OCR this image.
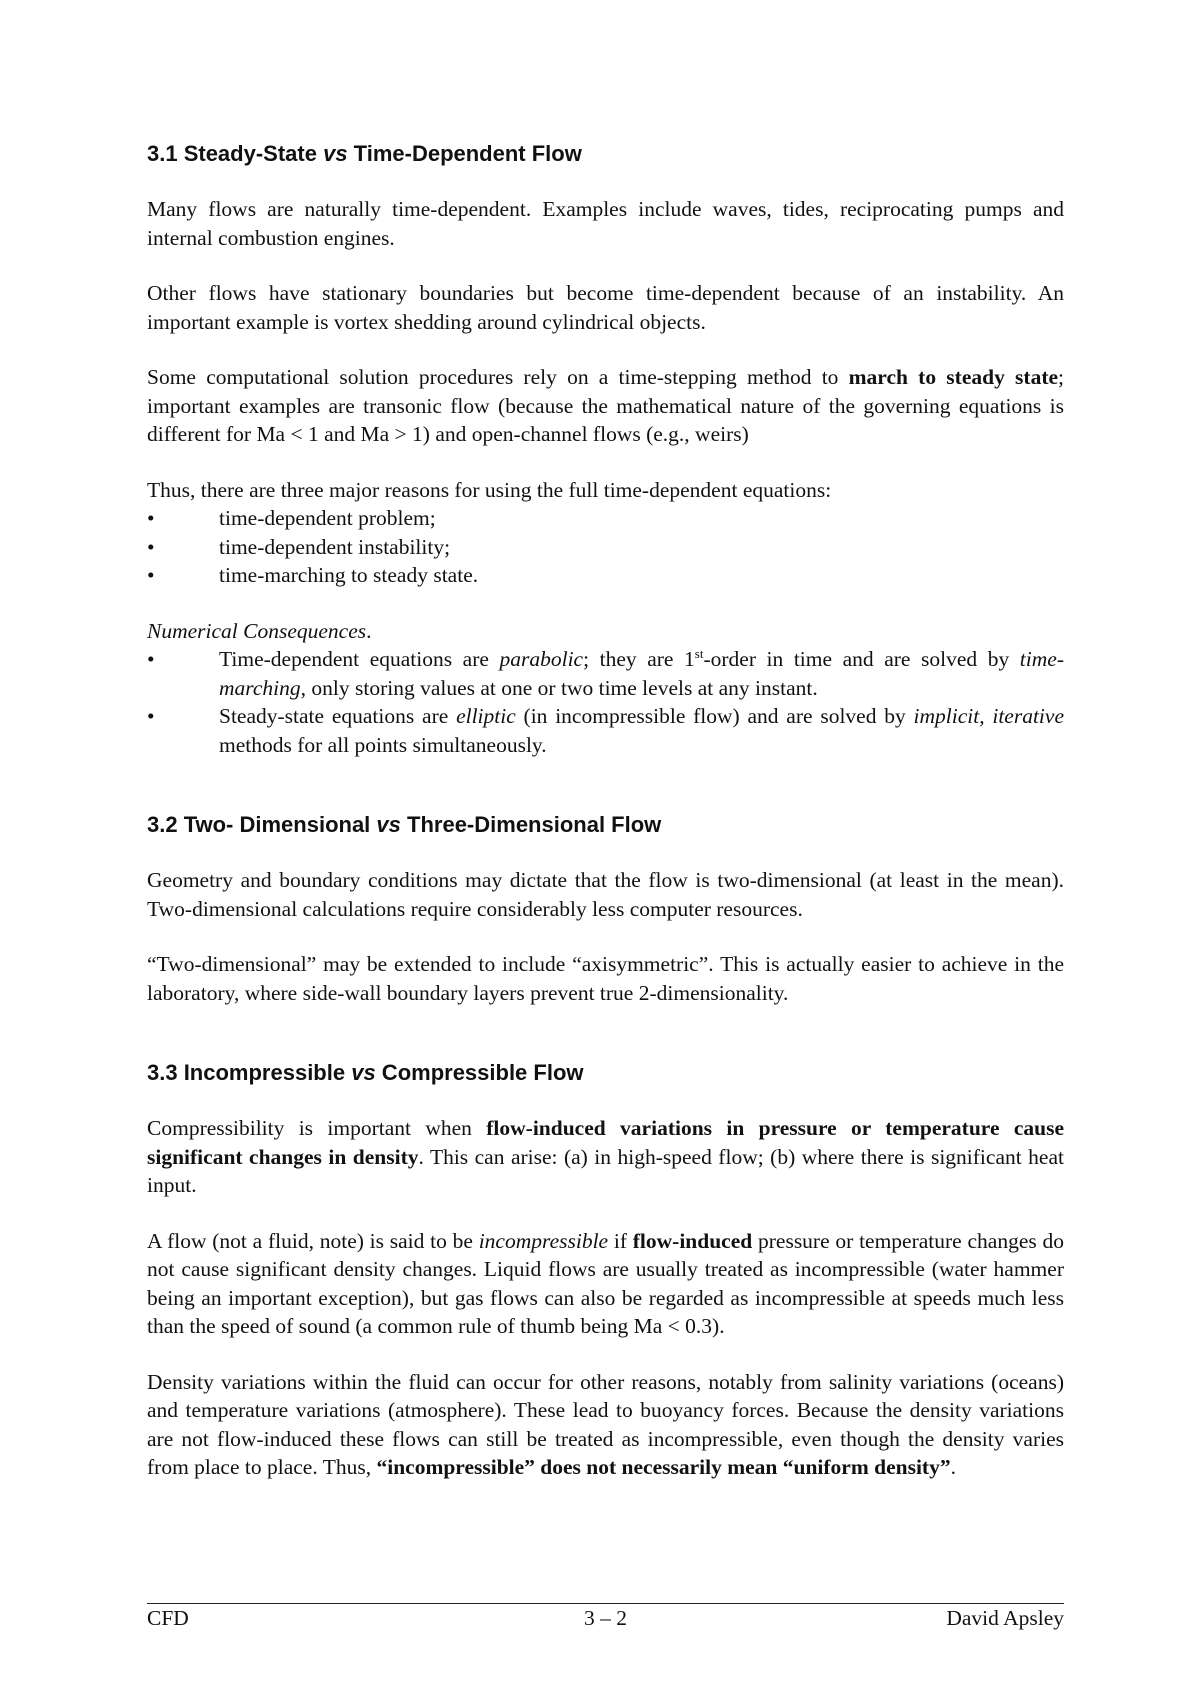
3.1 Steady-State vs Time-Dependent Flow

Many flows are naturally time-dependent. Examples include waves, tides, reciprocating pumps and internal combustion engines.

Other flows have stationary boundaries but become time-dependent because of an instability. An important example is vortex shedding around cylindrical objects.

Some computational solution procedures rely on a time-stepping method to march to steady state; important examples are transonic flow (because the mathematical nature of the governing equations is different for Ma < 1 and Ma > 1) and open-channel flows (e.g., weirs)

Thus, there are three major reasons for using the full time-dependent equations:

•	time-dependent problem;
•	time-dependent instability;
•	time-marching to steady state.

Numerical Consequences.

•	Time-dependent equations are parabolic; they are 1st-order in time and are solved by time-marching, only storing values at one or two time levels at any instant.
•	Steady-state equations are elliptic (in incompressible flow) and are solved by implicit, iterative methods for all points simultaneously.
3.2 Two- Dimensional vs Three-Dimensional Flow

Geometry and boundary conditions may dictate that the flow is two-dimensional (at least in the mean). Two-dimensional calculations require considerably less computer resources.

“Two-dimensional” may be extended to include “axisymmetric”. This is actually easier to achieve in the laboratory, where side-wall boundary layers prevent true 2-dimensionality.

3.3 Incompressible vs Compressible Flow

Compressibility is important when flow-induced variations in pressure or temperature cause significant changes in density. This can arise: (a) in high-speed flow; (b) where there is significant heat input.

A flow (not a fluid, note) is said to be incompressible if flow-induced pressure or temperature changes do not cause significant density changes. Liquid flows are usually treated as incompressible (water hammer being an important exception), but gas flows can also be regarded as incompressible at speeds much less than the speed of sound (a common rule of thumb being Ma < 0.3).

Density variations within the fluid can occur for other reasons, notably from salinity variations (oceans) and temperature variations (atmosphere). These lead to buoyancy forces. Because the density variations are not flow-induced these flows can still be treated as incompressible, even though the density varies from place to place. Thus, “incompressible” does not necessarily mean “uniform density”.

CFD	3 – 2	David Apsley
